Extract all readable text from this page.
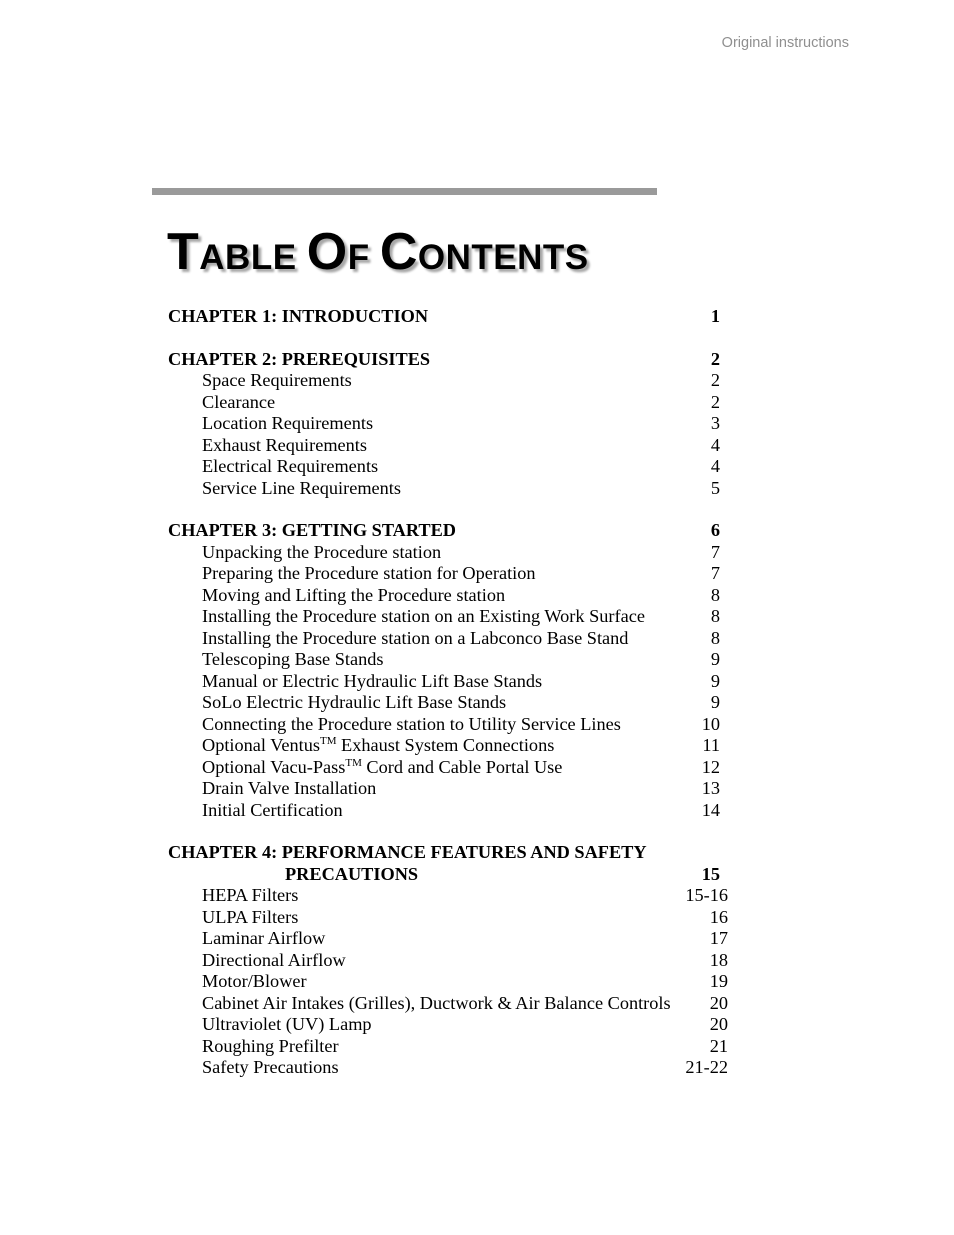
Original instructions
TABLE OF CONTENTS
CHAPTER 1: INTRODUCTION	1
CHAPTER 2: PREREQUISITES	2
Space Requirements	2
Clearance	2
Location Requirements	3
Exhaust Requirements	4
Electrical Requirements	4
Service Line Requirements	5
CHAPTER 3: GETTING STARTED	6
Unpacking the Procedure station	7
Preparing the Procedure station for Operation	7
Moving and Lifting the Procedure station	8
Installing the Procedure station on an Existing Work Surface	8
Installing the Procedure station on a Labconco Base Stand	8
Telescoping Base Stands	9
Manual or Electric Hydraulic Lift Base Stands	9
SoLo Electric Hydraulic Lift Base Stands	9
Connecting the Procedure station to Utility Service Lines	10
Optional Ventus™ Exhaust System Connections	11
Optional Vacu-Pass™ Cord and Cable Portal Use	12
Drain Valve Installation	13
Initial Certification	14
CHAPTER 4: PERFORMANCE FEATURES AND SAFETY
PRECAUTIONS	15
HEPA Filters	15-16
ULPA Filters	16
Laminar Airflow	17
Directional Airflow	18
Motor/Blower	19
Cabinet Air Intakes (Grilles), Ductwork & Air Balance Controls 20
Ultraviolet (UV) Lamp	20
Roughing Prefilter	21
Safety Precautions	21-22
